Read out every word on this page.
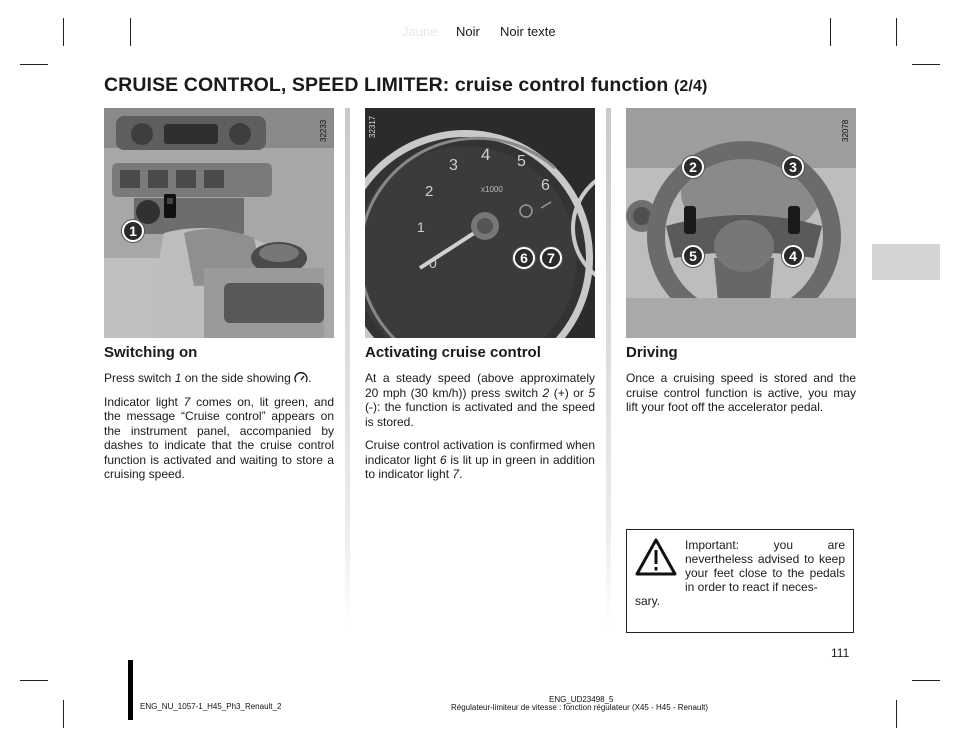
Jaune Noir Noir texte
CRUISE CONTROL, SPEED LIMITER: cruise control function (2/4)
32233
1
Switching on

Press switch 1 on the side showing .

Indicator light 7 comes on, lit green, and the message “Cruise control” appears on the instrument panel, accompanied by dashes to indicate that the cruise control function is activated and waiting to store a cruising speed.

0
1
2
3
4 5
6
x1000
32317
6	7
Activating cruise control

At a steady speed (above approximately 20 mph (30 km/h)) press switch 2 (+) or 5 (-): the function is activated and the speed is stored.

Cruise control activation is confirmed when indicator light 6 is lit up in green in addition to indicator light 7.

32078
2	3
5	4
Driving

Once a cruising speed is stored and the cruise control function is active, you may lift your foot off the accelerator pedal.

Important: you are nevertheless advised to keep your feet close to the pedals in order to react if neces-
sary.
111
ENG_NU_1057-1_H45_Ph3_Renault_2
ENG_UD23498_5
Régulateur-limiteur de vitesse : fonction régulateur (X45 - H45 - Renault)
